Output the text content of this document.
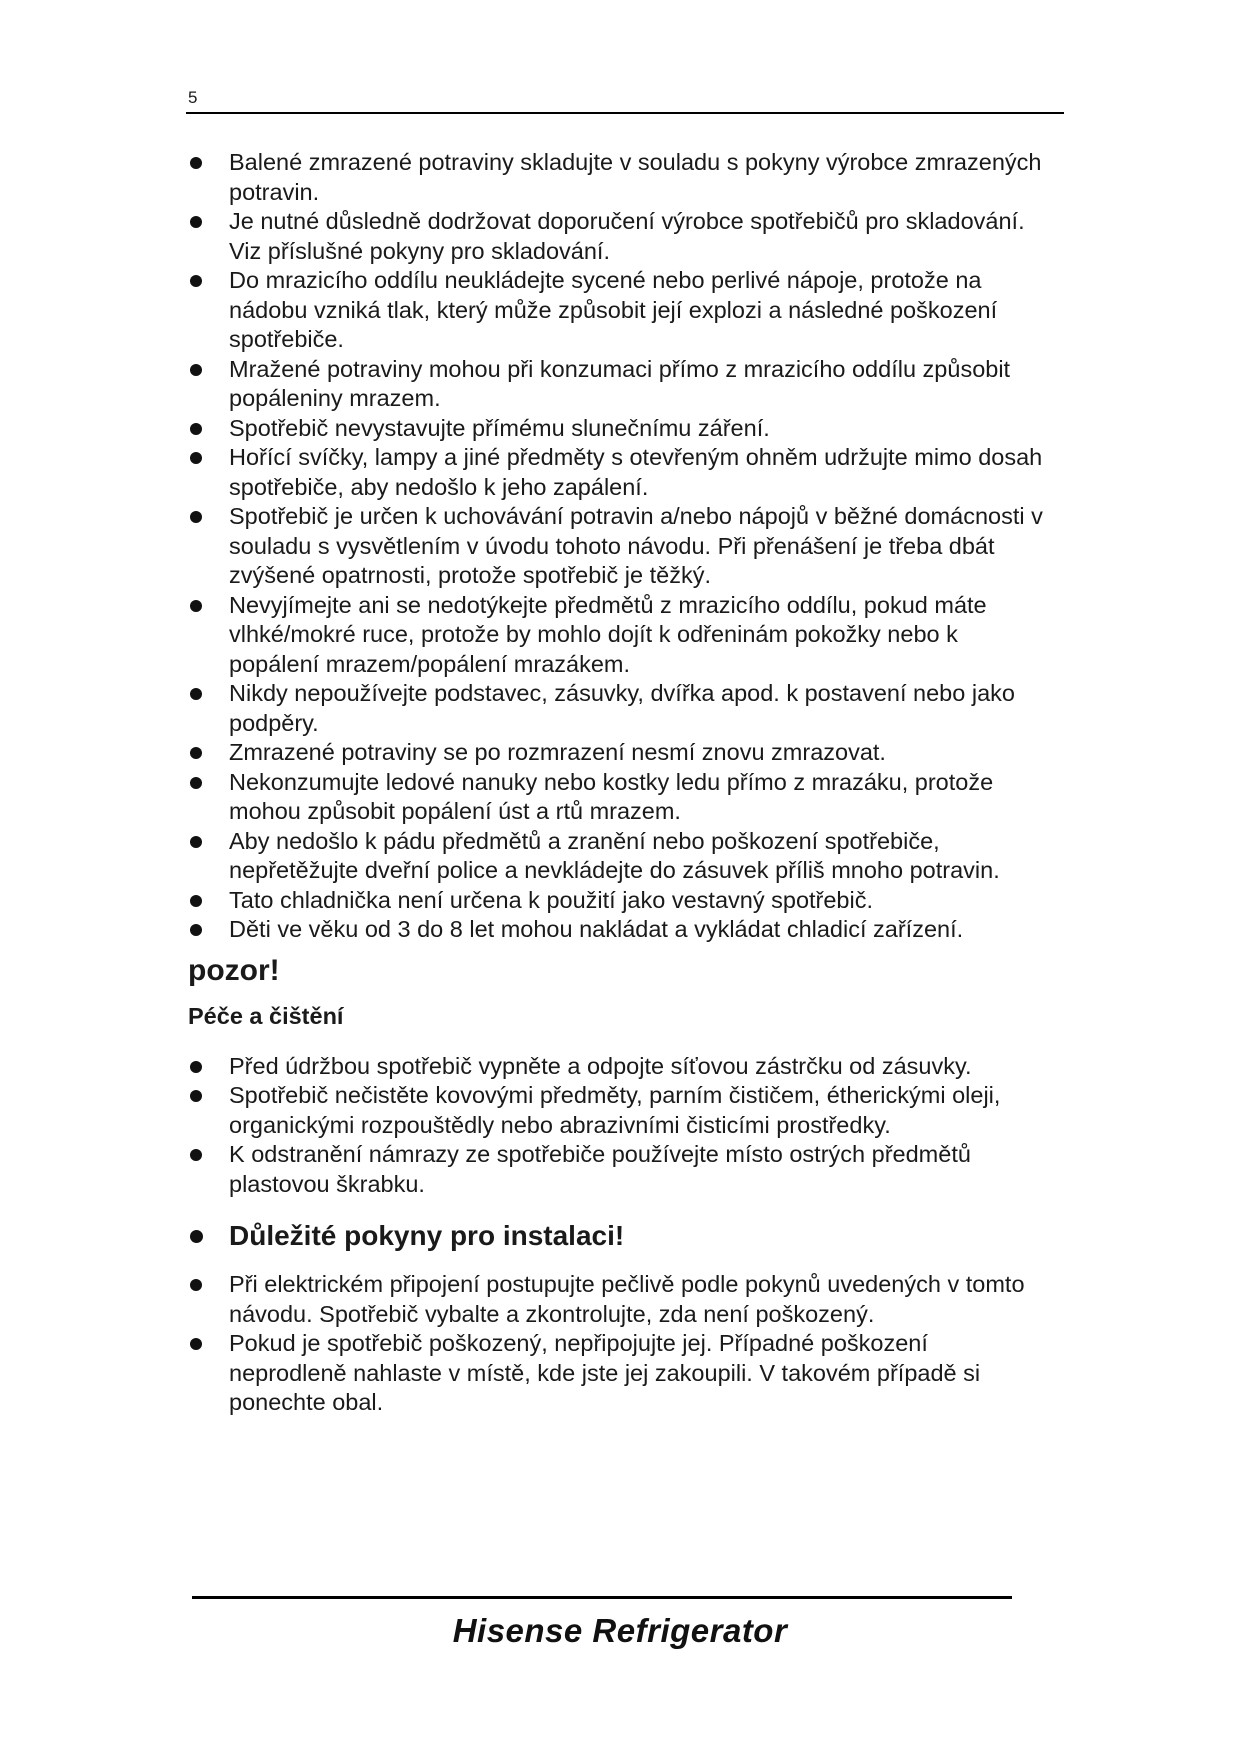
5
Balené zmrazené potraviny skladujte v souladu s pokyny výrobce zmrazených potravin.
Je nutné důsledně dodržovat doporučení výrobce spotřebičů pro skladování. Viz příslušné pokyny pro skladování.
Do mrazicího oddílu neukládejte sycené nebo perlivé nápoje, protože na nádobu vzniká tlak, který může způsobit její explozi a následné poškození spotřebiče.
Mražené potraviny mohou při konzumaci přímo z mrazicího oddílu způsobit popáleniny mrazem.
Spotřebič nevystavujte přímému slunečnímu záření.
Hořící svíčky, lampy a jiné předměty s otevřeným ohněm udržujte mimo dosah spotřebiče, aby nedošlo k jeho zapálení.
Spotřebič je určen k uchovávání potravin a/nebo nápojů v běžné domácnosti v souladu s vysvětlením v úvodu tohoto návodu. Při přenášení je třeba dbát zvýšené opatrnosti, protože spotřebič je těžký.
Nevyjímejte ani se nedotýkejte předmětů z mrazicího oddílu, pokud máte vlhké/mokré ruce, protože by mohlo dojít k odřeninám pokožky nebo k popálení mrazem/popálení mrazákem.
Nikdy nepoužívejte podstavec, zásuvky, dvířka apod. k postavení nebo jako podpěry.
Zmrazené potraviny se po rozmrazení nesmí znovu zmrazovat.
Nekonzumujte ledové nanuky nebo kostky ledu přímo z mrazáku, protože mohou způsobit popálení úst a rtů mrazem.
Aby nedošlo k pádu předmětů a zranění nebo poškození spotřebiče, nepřetěžujte dveřní police a nevkládejte do zásuvek příliš mnoho potravin.
Tato chladnička není určena k použití jako vestavný spotřebič.
Děti ve věku od 3 do 8 let mohou nakládat a vykládat chladicí zařízení.
pozor!
Péče a čištění
Před údržbou spotřebič vypněte a odpojte síťovou zástrčku od zásuvky.
Spotřebič nečistěte kovovými předměty, parním čističem, étherickými oleji, organickými rozpouštědly nebo abrazivními čisticími prostředky.
K odstranění námrazy ze spotřebiče používejte místo ostrých předmětů plastovou škrabku.
Důležité pokyny pro instalaci!
Při elektrickém připojení postupujte pečlivě podle pokynů uvedených v tomto návodu. Spotřebič vybalte a zkontrolujte, zda není poškozený.
Pokud je spotřebič poškozený, nepřipojujte jej. Případné poškození neprodleně nahlaste v místě, kde jste jej zakoupili. V takovém případě si ponechte obal.
Hisense Refrigerator
